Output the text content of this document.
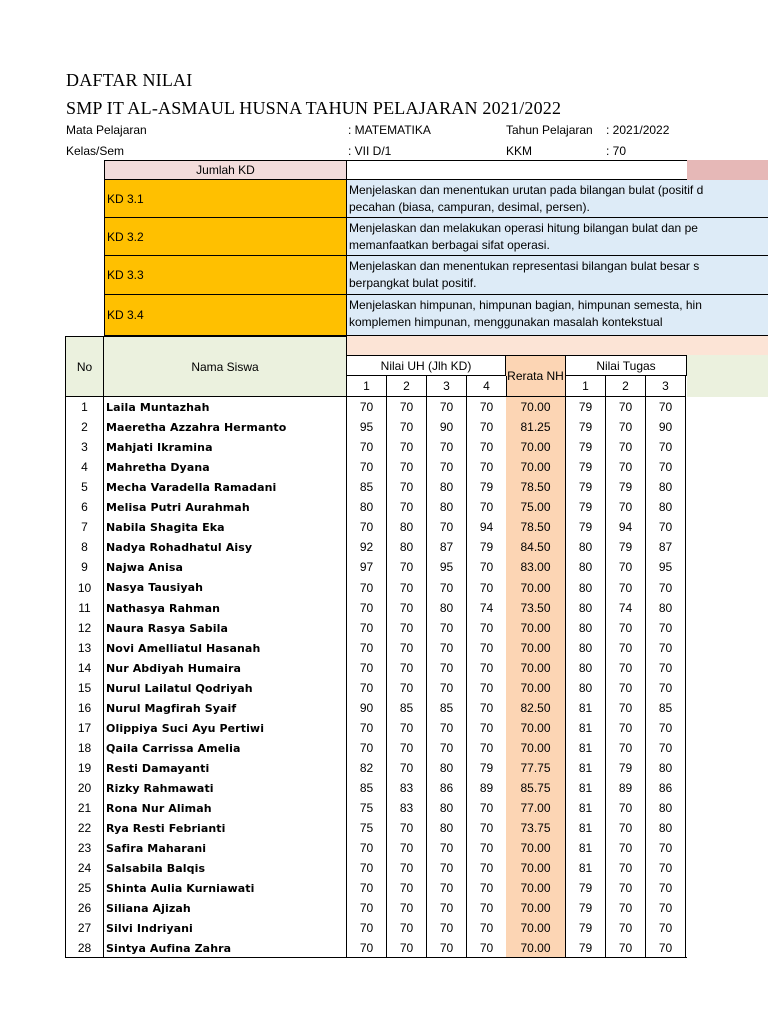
DAFTAR NILAI
SMP IT AL-ASMAUL HUSNA TAHUN PELAJARAN 2021/2022
Mata Pelajaran	: MATEMATIKA	Tahun Pelajaran : 2021/2022
Kelas/Sem	: VII D/1	KKM	: 70
Jumlah KD
KD 3.1
Menjelaskan dan menentukan urutan pada bilangan bulat (positif d
pecahan (biasa, campuran, desimal, persen).
KD 3.2
Menjelaskan dan melakukan operasi hitung bilangan bulat dan pe
memanfaatkan berbagai sifat operasi.
KD 3.3
Menjelaskan dan menentukan representasi bilangan bulat besar s
berpangkat bulat positif.
KD 3.4
Menjelaskan himpunan, himpunan bagian, himpunan semesta, hin
komplemen himpunan, menggunakan masalah kontekstual
No	Nama Siswa	Nilai UH (Jlh KD)
Rerata NH
Nilai Tugas
1	2	3	4	1	2	3
1	Laila Muntazhah	70	70	70	70	70.00	79	70	70
2	Maeretha Azzahra Hermanto	95	70	90	70	81.25	79	70	90
3	Mahjati Ikramina	70	70	70	70	70.00	79	70	70
4	Mahretha Dyana	70	70	70	70	70.00	79	70	70
5	Mecha Varadella Ramadani	85	70	80	79	78.50	79	79	80
6	Melisa Putri Aurahmah	80	70	80	70	75.00	79	70	80
7	Nabila Shagita Eka	70	80	70	94	78.50	79	94	70
8	Nadya Rohadhatul Aisy	92	80	87	79	84.50	80	79	87
9	Najwa Anisa	97	70	95	70	83.00	80	70	95
10	Nasya Tausiyah	70	70	70	70	70.00	80	70	70
11	Nathasya Rahman	70	70	80	74	73.50	80	74	80
12	Naura Rasya Sabila	70	70	70	70	70.00	80	70	70
13	Novi Amelliatul Hasanah	70	70	70	70	70.00	80	70	70
14	Nur Abdiyah Humaira	70	70	70	70	70.00	80	70	70
15	Nurul Lailatul Qodriyah	70	70	70	70	70.00	80	70	70
16	Nurul Magfirah Syaif	90	85	85	70	82.50	81	70	85
17	Olippiya Suci Ayu Pertiwi	70	70	70	70	70.00	81	70	70
18	Qaila Carrissa Amelia	70	70	70	70	70.00	81	70	70
19	Resti Damayanti	82	70	80	79	77.75	81	79	80
20	Rizky Rahmawati	85	83	86	89	85.75	81	89	86
21	Rona Nur Alimah	75	83	80	70	77.00	81	70	80
22	Rya Resti Febrianti	75	70	80	70	73.75	81	70	80
23	Safira Maharani	70	70	70	70	70.00	81	70	70
24	Salsabila Balqis	70	70	70	70	70.00	81	70	70
25	Shinta Aulia Kurniawati	70	70	70	70	70.00	79	70	70
26	Siliana Ajizah	70	70	70	70	70.00	79	70	70
27	Silvi Indriyani	70	70	70	70	70.00	79	70	70
28	Sintya Aufina Zahra	70	70	70	70	70.00	79	70	70
